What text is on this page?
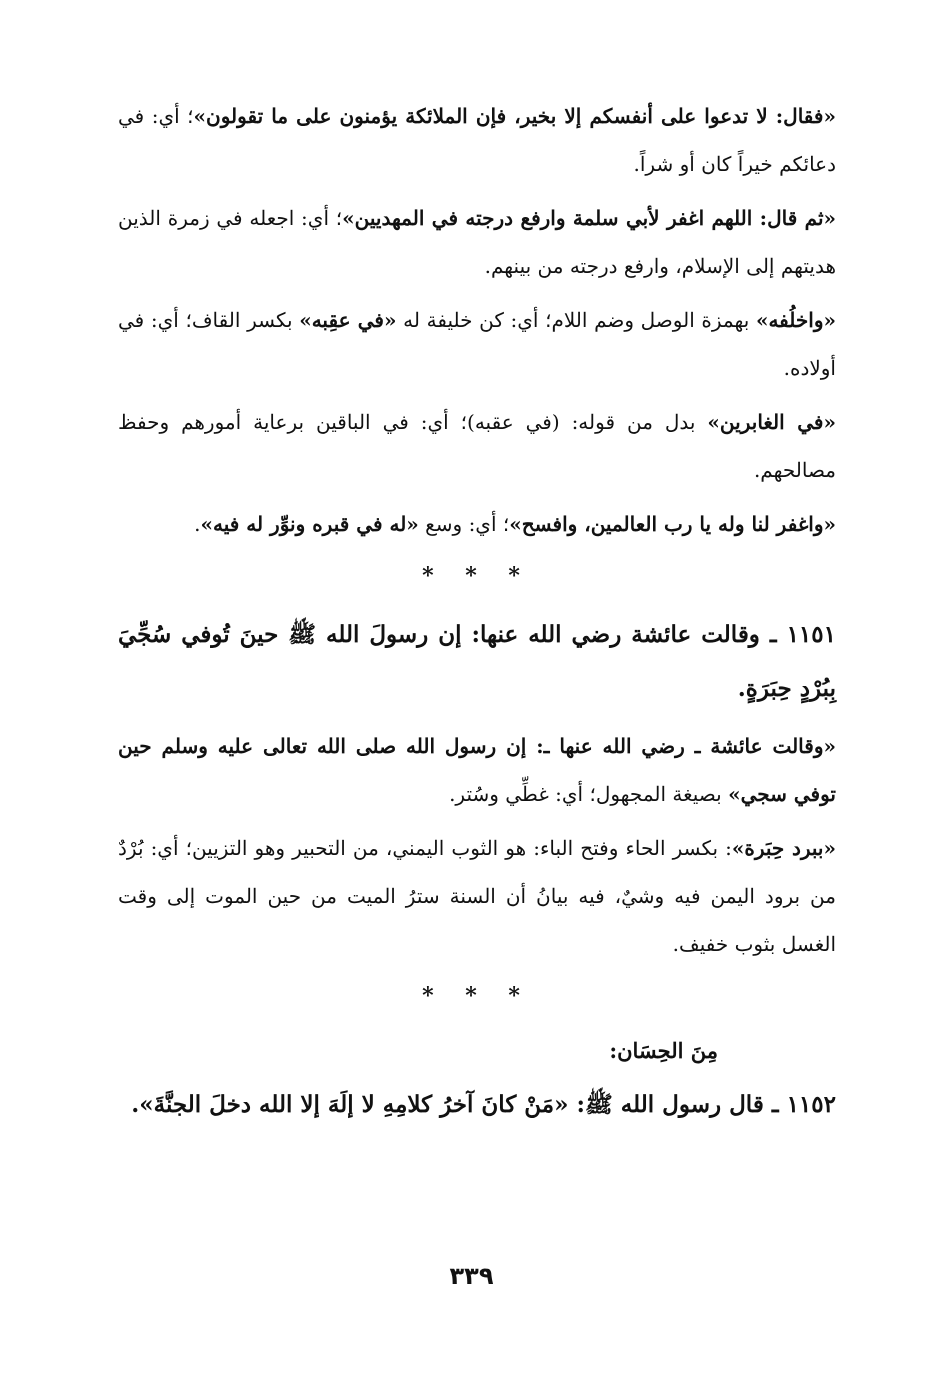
«فقال: لا تدعوا على أنفسكم إلا بخير، فإن الملائكة يؤمنون على ما تقولون»؛ أي: في دعائكم خيراً كان أو شراً.

«ثم قال: اللهم اغفر لأبي سلمة وارفع درجته في المهديين»؛ أي: اجعله في زمرة الذين هديتهم إلى الإسلام، وارفع درجته من بينهم.

«واخلُفه» بهمزة الوصل وضم اللام؛ أي: كن خليفة له «في عقِبه» بكسر القاف؛ أي: في أولاده.

«في الغابرين» بدل من قوله: (في عقبه)؛ أي: في الباقين برعاية أمورهم وحفظ مصالحهم.

«واغفر لنا وله يا رب العالمين، وافسح»؛ أي: وسع «له في قبره ونوِّر له فيه».

* * *

١١٥١ ـ وقالت عائشة رضي الله عنها: إن رسولَ الله ﷺ حينَ تُوفي سُجِّيَ بِبُرْدٍ حِبَرَةٍ.

«وقالت عائشة ـ رضي الله عنها ـ: إن رسول الله صلى الله تعالى عليه وسلم حين توفي سجي» بصيغة المجهول؛ أي: غطِّي وسُتر.

«ببرد حِبَرة»: بكسر الحاء وفتح الباء: هو الثوب اليمني، من التحبير وهو التزيين؛ أي: بُرْدٌ من برود اليمن فيه وشيٌ، فيه بيانُ أن السنة سترُ الميت من حين الموت إلى وقت الغسل بثوب خفيف.

* * *

مِنَ الحِسَان:

١١٥٢ ـ قال رسول الله ﷺ: «مَنْ كانَ آخرُ كلامِهِ لا إلَهَ إلا الله دخلَ الجنَّةَ».

٣٣٩
